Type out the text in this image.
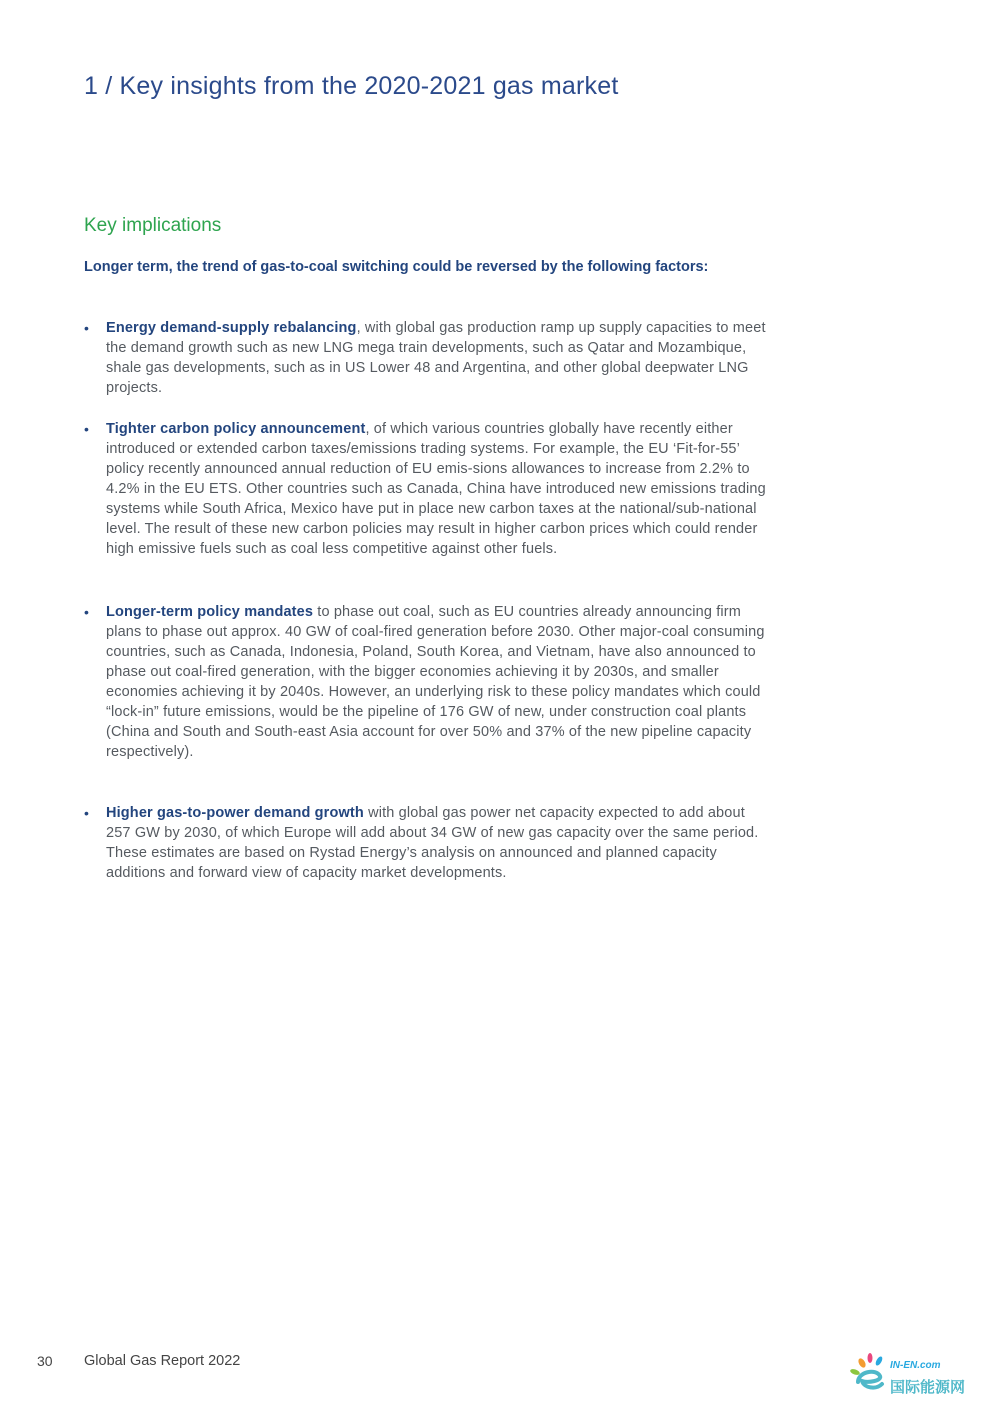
1 / Key insights from the 2020-2021 gas market
Key implications

Longer term, the trend of gas-to-coal switching could be reversed by the following factors:

• Energy demand-supply rebalancing, with global gas production ramp up supply capacities to meet the demand growth such as new LNG mega train developments, such as Qatar and Mozambique, shale gas developments, such as in US Lower 48 and Argentina, and other global deepwater LNG projects.

• Tighter carbon policy announcement, of which various countries globally have recently either introduced or extended carbon taxes/emissions trading systems. For example, the EU ‘Fit-for-55’ policy recently announced annual reduction of EU emis-sions allowances to increase from 2.2% to 4.2% in the EU ETS. Other countries such as Canada, China have introduced new emissions trading systems while South Africa, Mexico have put in place new carbon taxes at the national/sub-national level. The result of these new carbon policies may result in higher carbon prices which could render high emissive fuels such as coal less competitive against other fuels.

• Longer-term policy mandates to phase out coal, such as EU countries already announcing firm plans to phase out approx. 40 GW of coal-fired generation before 2030. Other major-coal consuming countries, such as Canada, Indonesia, Poland, South Korea, and Vietnam, have also announced to phase out coal-fired generation, with the bigger economies achieving it by 2030s, and smaller economies achieving it by 2040s. However, an underlying risk to these policy mandates which could “lock-in” future emissions, would be the pipeline of 176 GW of new, under construction coal plants (China and South and South-east Asia account for over 50% and 37% of the new pipeline capacity respectively).

• Higher gas-to-power demand growth with global gas power net capacity expected to add about 257 GW by 2030, of which Europe will add about 34 GW of new gas capacity over the same period. These estimates are based on Rystad Energy’s analysis on announced and planned capacity additions and forward view of capacity market developments.

30 Global Gas Report 2022	IN-EN.com
国际能源网
